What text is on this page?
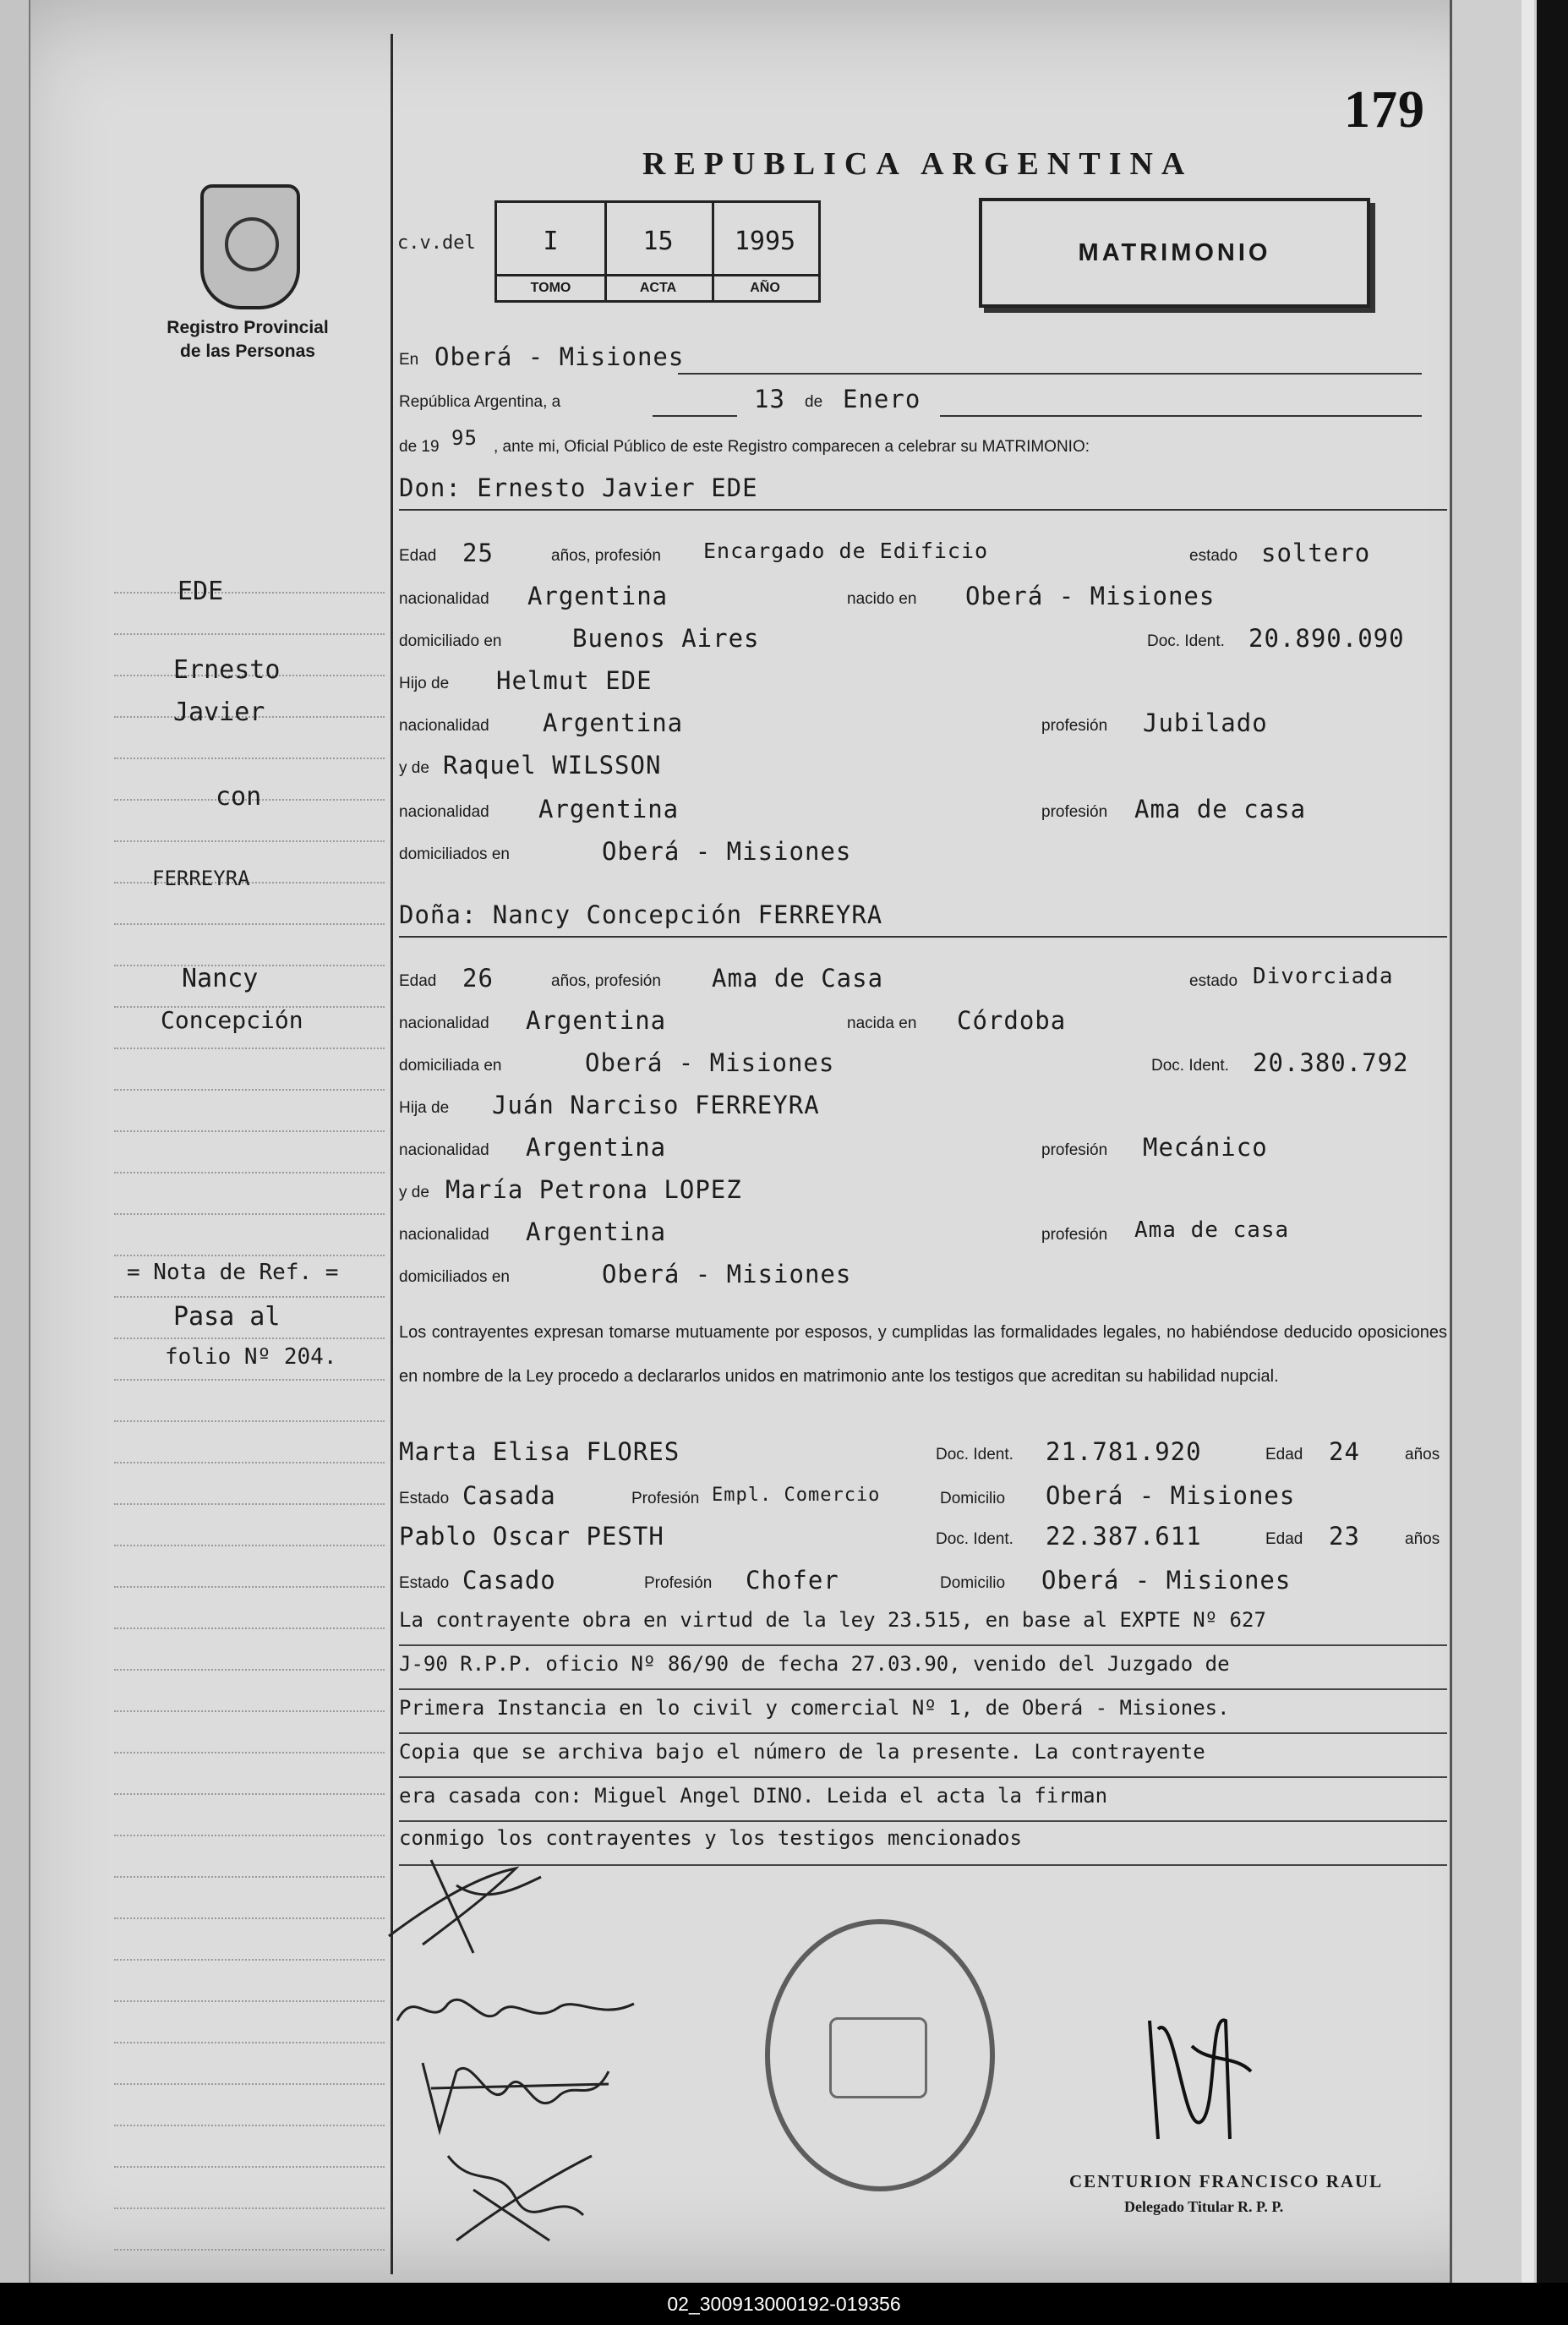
179
REPUBLICA ARGENTINA
Registro Provincial
de las Personas
c.v.del	I
TOMO
15
ACTA
1995
AÑO
MATRIMONIO
En Oberá - Misiones
República Argentina, a	13 de Enero
de 19 95 , ante mi, Oficial Público de este Registro comparecen a celebrar su MATRIMONIO:
Don: Ernesto Javier EDE
Edad 25	años, profesión Encargado de Edificio	estado soltero
nacionalidad Argentina	nacido en Oberá - Misiones
domiciliado en	Buenos Aires	Doc. Ident. 20.890.090
Hijo de Helmut EDE
nacionalidad Argentina	profesión Jubilado
y de Raquel WILSSON
nacionalidad Argentina	profesión Ama de casa
domiciliados en	Oberá - Misiones
Doña: Nancy Concepción FERREYRA
Edad 26	años, profesión Ama de Casa	estado Divorciada
nacionalidad Argentina	nacida en Córdoba
domiciliada en	Oberá - Misiones	Doc. Ident. 20.380.792
Hija de Juán Narciso FERREYRA
nacionalidad Argentina	profesión Mecánico
y de María Petrona LOPEZ
nacionalidad Argentina	profesión Ama de casa
domiciliados en	Oberá - Misiones
Los contrayentes expresan tomarse mutuamente por esposos, y cumplidas las formalidades legales, no habiéndose deducido oposiciones en nombre de la Ley procedo a declararlos unidos en matrimonio ante los testigos que acreditan su habilidad nupcial.
Marta Elisa FLORES	Doc. Ident. 21.781.920	Edad 24	años
Estado Casada	Profesión Empl. Comercio	Domicilio Oberá - Misiones
Pablo Oscar PESTH	Doc. Ident. 22.387.611	Edad 23	años
Estado Casado	Profesión Chofer	Domicilio Oberá - Misiones
La contrayente obra en virtud de la ley 23.515, en base al EXPTE Nº 627
J-90 R.P.P. oficio Nº 86/90 de fecha 27.03.90, venido del Juzgado de
Primera Instancia en lo civil y comercial Nº 1, de Oberá - Misiones.
Copia que se archiva bajo el número de la presente. La contrayente
era casada con: Miguel Angel DINO. Leida el acta la firman
conmigo los contrayentes y los testigos mencionados
EDE
Ernesto
Javier
con
FERREYRA
Nancy
Concepción
= Nota de Ref. =
Pasa al
folio Nº 204.
CENTURION FRANCISCO RAUL
Delegado Titular R. P. P.
02_300913000192-019356
